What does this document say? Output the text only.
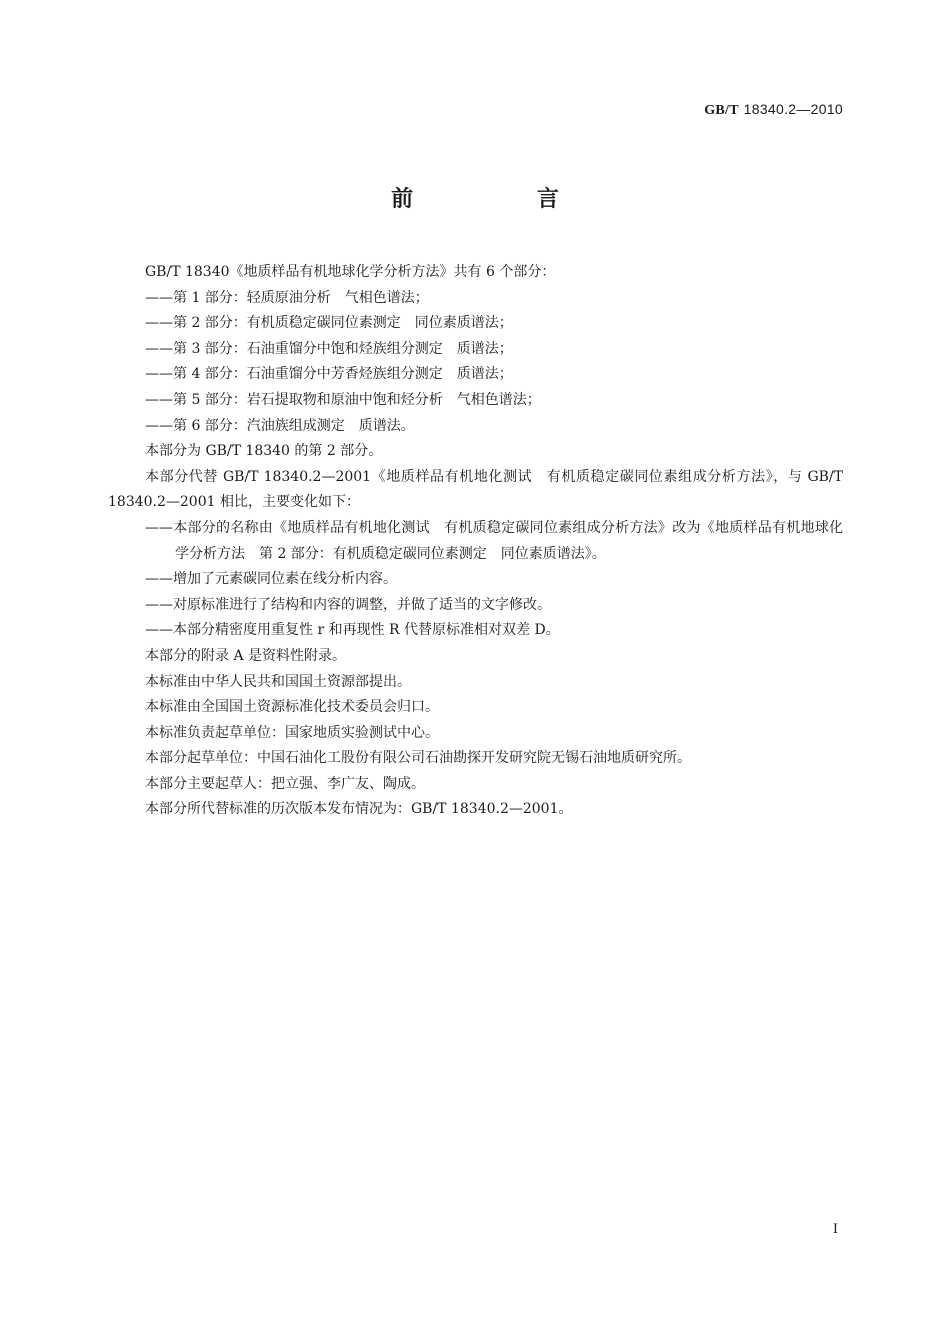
GB/T 18340.2—2010
前 言

GB/T 18340《地质样品有机地球化学分析方法》共有 6 个部分：

——第 1 部分：轻质原油分析　气相色谱法；

——第 2 部分：有机质稳定碳同位素测定　同位素质谱法；

——第 3 部分：石油重馏分中饱和烃族组分测定　质谱法；

——第 4 部分：石油重馏分中芳香烃族组分测定　质谱法；

——第 5 部分：岩石提取物和原油中饱和烃分析　气相色谱法；

——第 6 部分：汽油族组成测定　质谱法。

本部分为 GB/T 18340 的第 2 部分。

本部分代替 GB/T 18340.2—2001《地质样品有机地化测试　有机质稳定碳同位素组成分析方法》，与 GB/T 18340.2—2001 相比，主要变化如下：

——本部分的名称由《地质样品有机地化测试　有机质稳定碳同位素组成分析方法》改为《地质样品有机地球化学分析方法　第 2 部分：有机质稳定碳同位素测定　同位素质谱法》。

——增加了元素碳同位素在线分析内容。

——对原标准进行了结构和内容的调整，并做了适当的文字修改。

——本部分精密度用重复性 r 和再现性 R 代替原标准相对双差 D。

本部分的附录 A 是资料性附录。

本标准由中华人民共和国国土资源部提出。

本标准由全国国土资源标准化技术委员会归口。

本标准负责起草单位：国家地质实验测试中心。

本部分起草单位：中国石油化工股份有限公司石油勘探开发研究院无锡石油地质研究所。

本部分主要起草人：把立强、李广友、陶成。

本部分所代替标准的历次版本发布情况为：GB/T 18340.2—2001。

I
